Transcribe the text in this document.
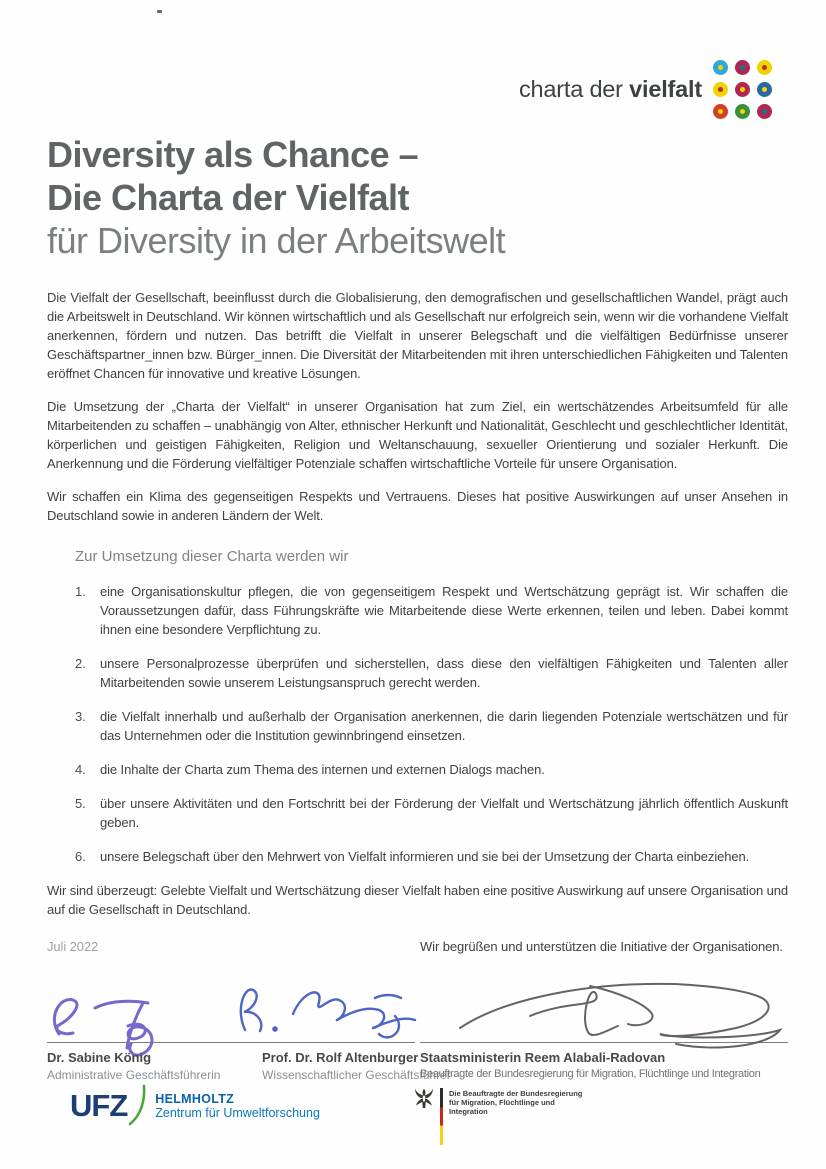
charta der vielfalt
Diversity als Chance –
Die Charta der Vielfalt
für Diversity in der Arbeitswelt

Die Vielfalt der Gesellschaft, beeinflusst durch die Globalisierung, den demografischen und gesellschaftlichen Wandel, prägt auch die Arbeitswelt in Deutschland. Wir können wirtschaftlich und als Gesellschaft nur erfolgreich sein, wenn wir die vorhandene Vielfalt anerkennen, fördern und nutzen. Das betrifft die Vielfalt in unserer Belegschaft und die vielfältigen Bedürfnisse unserer Geschäftspartner_innen bzw. Bürger_innen. Die Diversität der Mitarbeitenden mit ihren unterschiedlichen Fähigkeiten und Talenten eröffnet Chancen für innovative und kreative Lösungen.

Die Umsetzung der „Charta der Vielfalt“ in unserer Organisation hat zum Ziel, ein wertschätzendes Arbeitsumfeld für alle Mitarbeitenden zu schaffen – unabhängig von Alter, ethnischer Herkunft und Nationalität, Geschlecht und geschlechtlicher Identität, körperlichen und geistigen Fähigkeiten, Religion und Weltanschauung, sexueller Orientierung und sozialer Herkunft. Die Anerkennung und die Förderung vielfältiger Potenziale schaffen wirtschaftliche Vorteile für unsere Organisation.

Wir schaffen ein Klima des gegenseitigen Respekts und Vertrauens. Dieses hat positive Auswirkungen auf unser Ansehen in Deutschland sowie in anderen Ländern der Welt.

Zur Umsetzung dieser Charta werden wir
1.	eine Organisationskultur pflegen, die von gegenseitigem Respekt und Wertschätzung geprägt ist. Wir schaffen die Voraussetzungen dafür, dass Führungskräfte wie Mitarbeitende diese Werte erkennen, teilen und leben. Dabei kommt ihnen eine besondere Verpflichtung zu.
2.	unsere Personalprozesse überprüfen und sicherstellen, dass diese den vielfältigen Fähigkeiten und Talenten aller Mitarbeitenden sowie unserem Leistungsanspruch gerecht werden.
3.	die Vielfalt innerhalb und außerhalb der Organisation anerkennen, die darin liegenden Potenziale wertschätzen und für das Unternehmen oder die Institution gewinnbringend einsetzen.
4.	die Inhalte der Charta zum Thema des internen und externen Dialogs machen.
5.	über unsere Aktivitäten und den Fortschritt bei der Förderung der Vielfalt und Wertschätzung jährlich öffentlich Auskunft geben.
6.	unsere Belegschaft über den Mehrwert von Vielfalt informieren und sie bei der Umsetzung der Charta einbeziehen.

Wir sind überzeugt: Gelebte Vielfalt und Wertschätzung dieser Vielfalt haben eine positive Auswirkung auf unsere Organisation und auf die Gesellschaft in Deutschland.

Juli 2022	Wir begrüßen und unterstützen die Initiative der Organisationen.
Dr. Sabine König
Administrative Geschäftsführerin
Prof. Dr. Rolf Altenburger
Wissenschaftlicher Geschäftsführer
Staatsministerin Reem Alabali-Radovan
Beauftragte der Bundesregierung für Migration, Flüchtlinge und Integration
UFZ HELMHOLTZ
Zentrum für Umweltforschung
Die Beauftragte der Bundesregierung
für Migration, Flüchtlinge und
Integration
